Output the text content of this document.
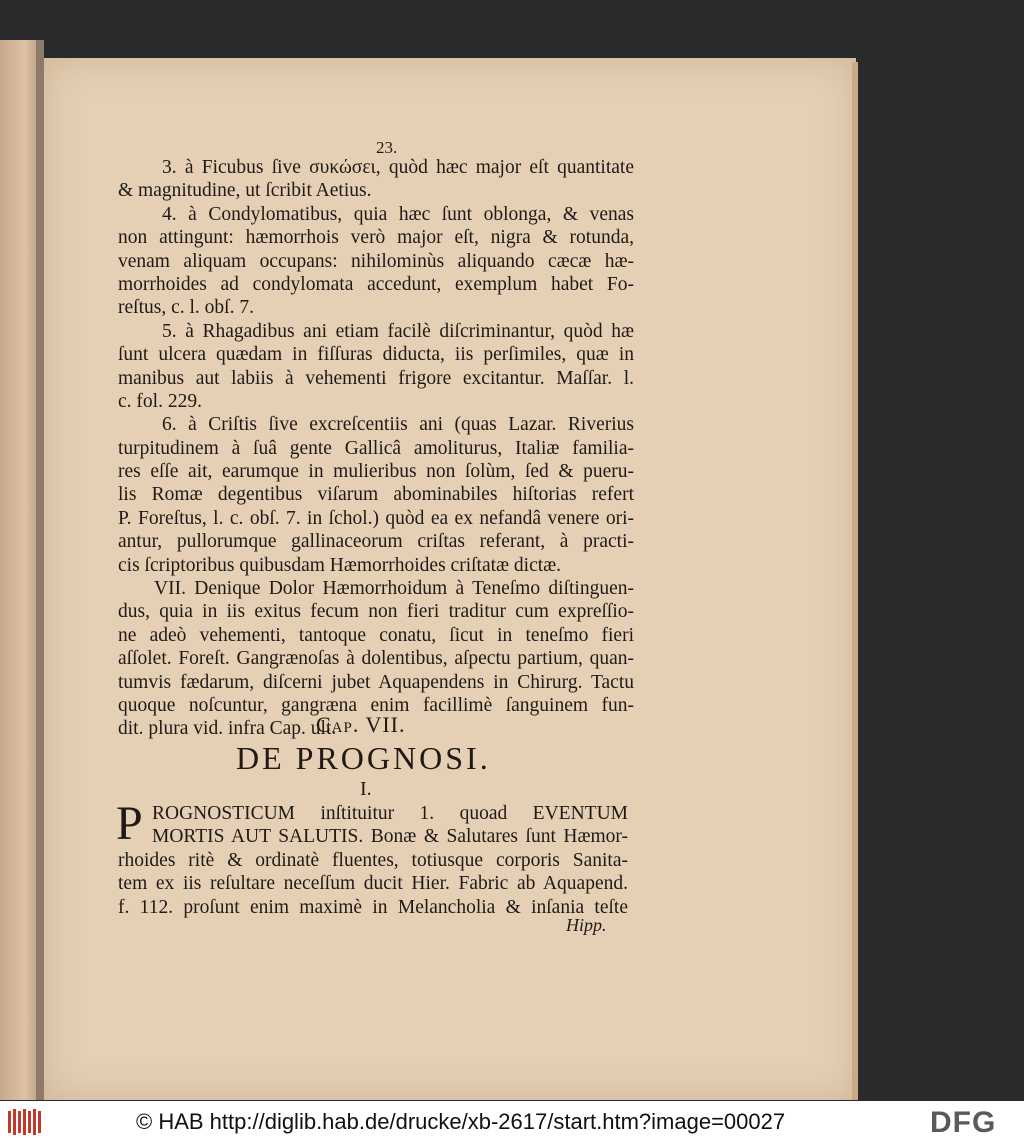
23.
3. à Ficubus ſive συκώσει, quòd hæc major eſt quantitate
& magnitudine, ut ſcribit Aetius.
4. à Condylomatibus, quia hæc ſunt oblonga, & venas
non attingunt: hæmorrhois verò major eſt, nigra & rotunda,
venam aliquam occupans: nihilominùs aliquando cæcæ hæ-
morrhoides ad condylomata accedunt, exemplum habet Fo-
reſtus, c. l. obſ. 7.
5. à Rhagadibus ani etiam facilè diſcriminantur, quòd hæ
ſunt ulcera quædam in fiſſuras diducta, iis perſimiles, quæ in
manibus aut labiis à vehementi frigore excitantur. Maſſar. l.
c. fol. 229.
6. à Criſtis ſive excreſcentiis ani (quas Lazar. Riverius
turpitudinem à ſuâ gente Gallicâ amoliturus, Italiæ familia-
res eſſe ait, earumque in mulieribus non ſolùm, ſed & pueru-
lis Romæ degentibus viſarum abominabiles hiſtorias refert
P. Foreſtus, l. c. obſ. 7. in ſchol.) quòd ea ex nefandâ venere ori-
antur, pullorumque gallinaceorum criſtas referant, à practi-
cis ſcriptoribus quibusdam Hæmorrhoides criſtatæ dictæ.
VII. Denique Dolor Hæmorrhoidum à Teneſmo diſtinguen-
dus, quia in iis exitus fecum non fieri traditur cum expreſſio-
ne adeò vehementi, tantoque conatu, ſicut in teneſmo fieri
aſſolet. Foreſt. Gangrænoſas à dolentibus, aſpectu partium, quan-
tumvis fædarum, diſcerni jubet Aquapendens in Chirurg. Tactu
quoque noſcuntur, gangræna enim facillimè ſanguinem fun-
dit. plura vid. infra Cap. ult.
Cap. VII.
DE PROGNOSI.
I.
P ROGNOSTICUM inſtituitur 1. quoad EVENTUM
MORTIS AUT SALUTIS. Bonæ & Salutares ſunt Hæmor-
rhoides ritè & ordinatè fluentes, totiusque corporis Sanita-
tem ex iis reſultare neceſſum ducit Hier. Fabric ab Aquapend.
f. 112. proſunt enim maximè in Melancholia & inſania teſte
Hipp.
© HAB http://diglib.hab.de/drucke/xb-2617/start.htm?image=00027	DFG
